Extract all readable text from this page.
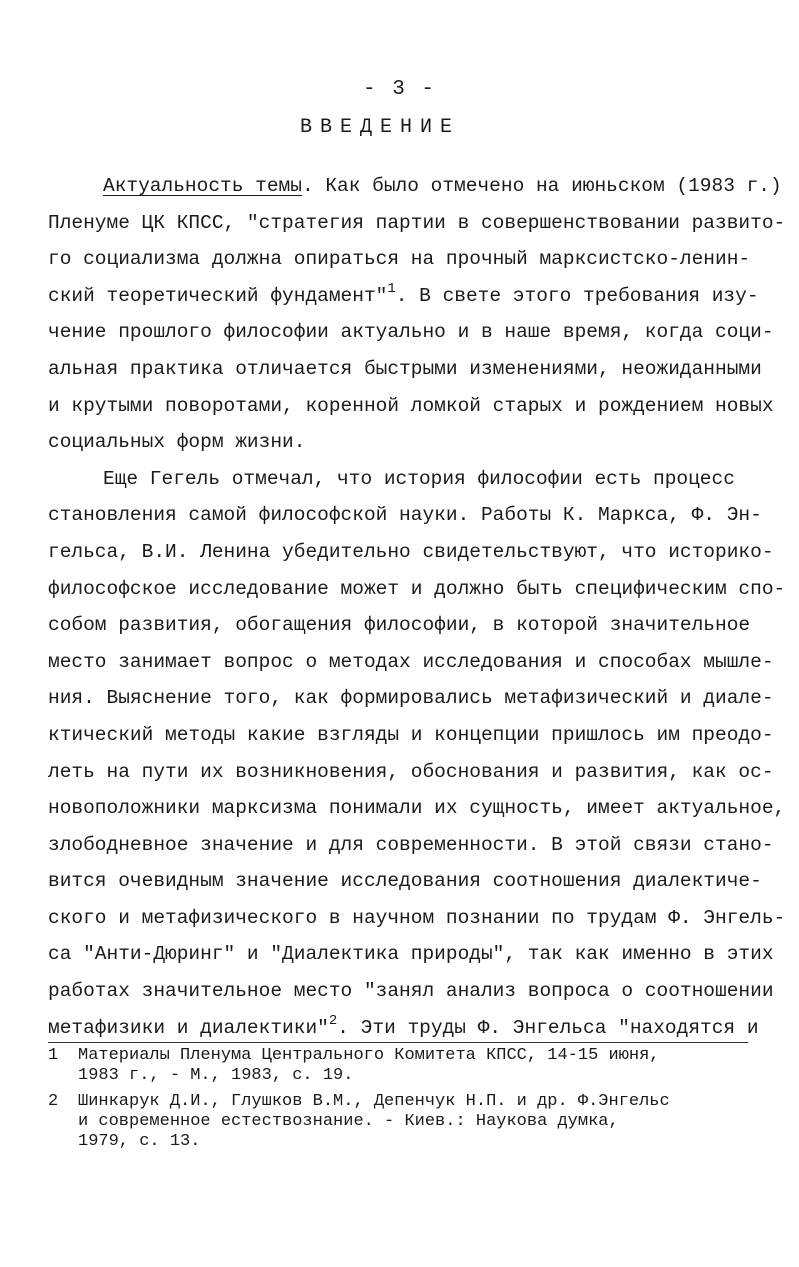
- 3 -
ВВЕДЕНИЕ
Актуальность темы. Как было отмечено на июньском (1983 г.)
Пленуме ЦК КПСС, "стратегия партии в совершенствовании развито-
го социализма должна опираться на прочный марксистско-ленин-
ский теоретический фундамент"$^1$. В свете этого требования изу-
чение прошлого философии актуально и в наше время, когда соци-
альная практика отличается быстрыми изменениями, неожиданными
и крутыми поворотами, коренной ломкой старых и рождением новых
социальных форм жизни.
Еще Гегель отмечал, что история философии есть процесс
становления самой философской науки. Работы К. Маркса, Ф. Эн-
гельса, В.И. Ленина убедительно свидетельствуют, что историко-
философское исследование может и должно быть специфическим спо-
собом развития, обогащения философии, в которой значительное
место занимает вопрос о методах исследования и способах мышле-
ния. Выяснение того, как формировались метафизический и диале-
ктический методы какие взгляды и концепции пришлось им преодо-
леть на пути их возникновения, обоснования и развития, как ос-
новоположники марксизма понимали их сущность, имеет актуальное,
злободневное значение и для современности. В этой связи стано-
вится очевидным значение исследования соотношения диалектиче-
ского и метафизического в научном познании по трудам Ф. Энгель-
са "Анти-Дюринг" и "Диалектика природы", так как именно в этих
работах значительное место "занял анализ вопроса о соотношении
метафизики и диалектики"$^2$. Эти труды Ф. Энгельса "находятся и
1	Материалы Пленума Центрального Комитета КПСС, 14-15 июня,
1983 г., - М., 1983, с. 19.
2	Шинкарук Д.И., Глушков В.М., Депенчук Н.П. и др. Ф.Энгельс
и современное естествознание. - Киев.: Наукова думка,
1979, с. 13.
